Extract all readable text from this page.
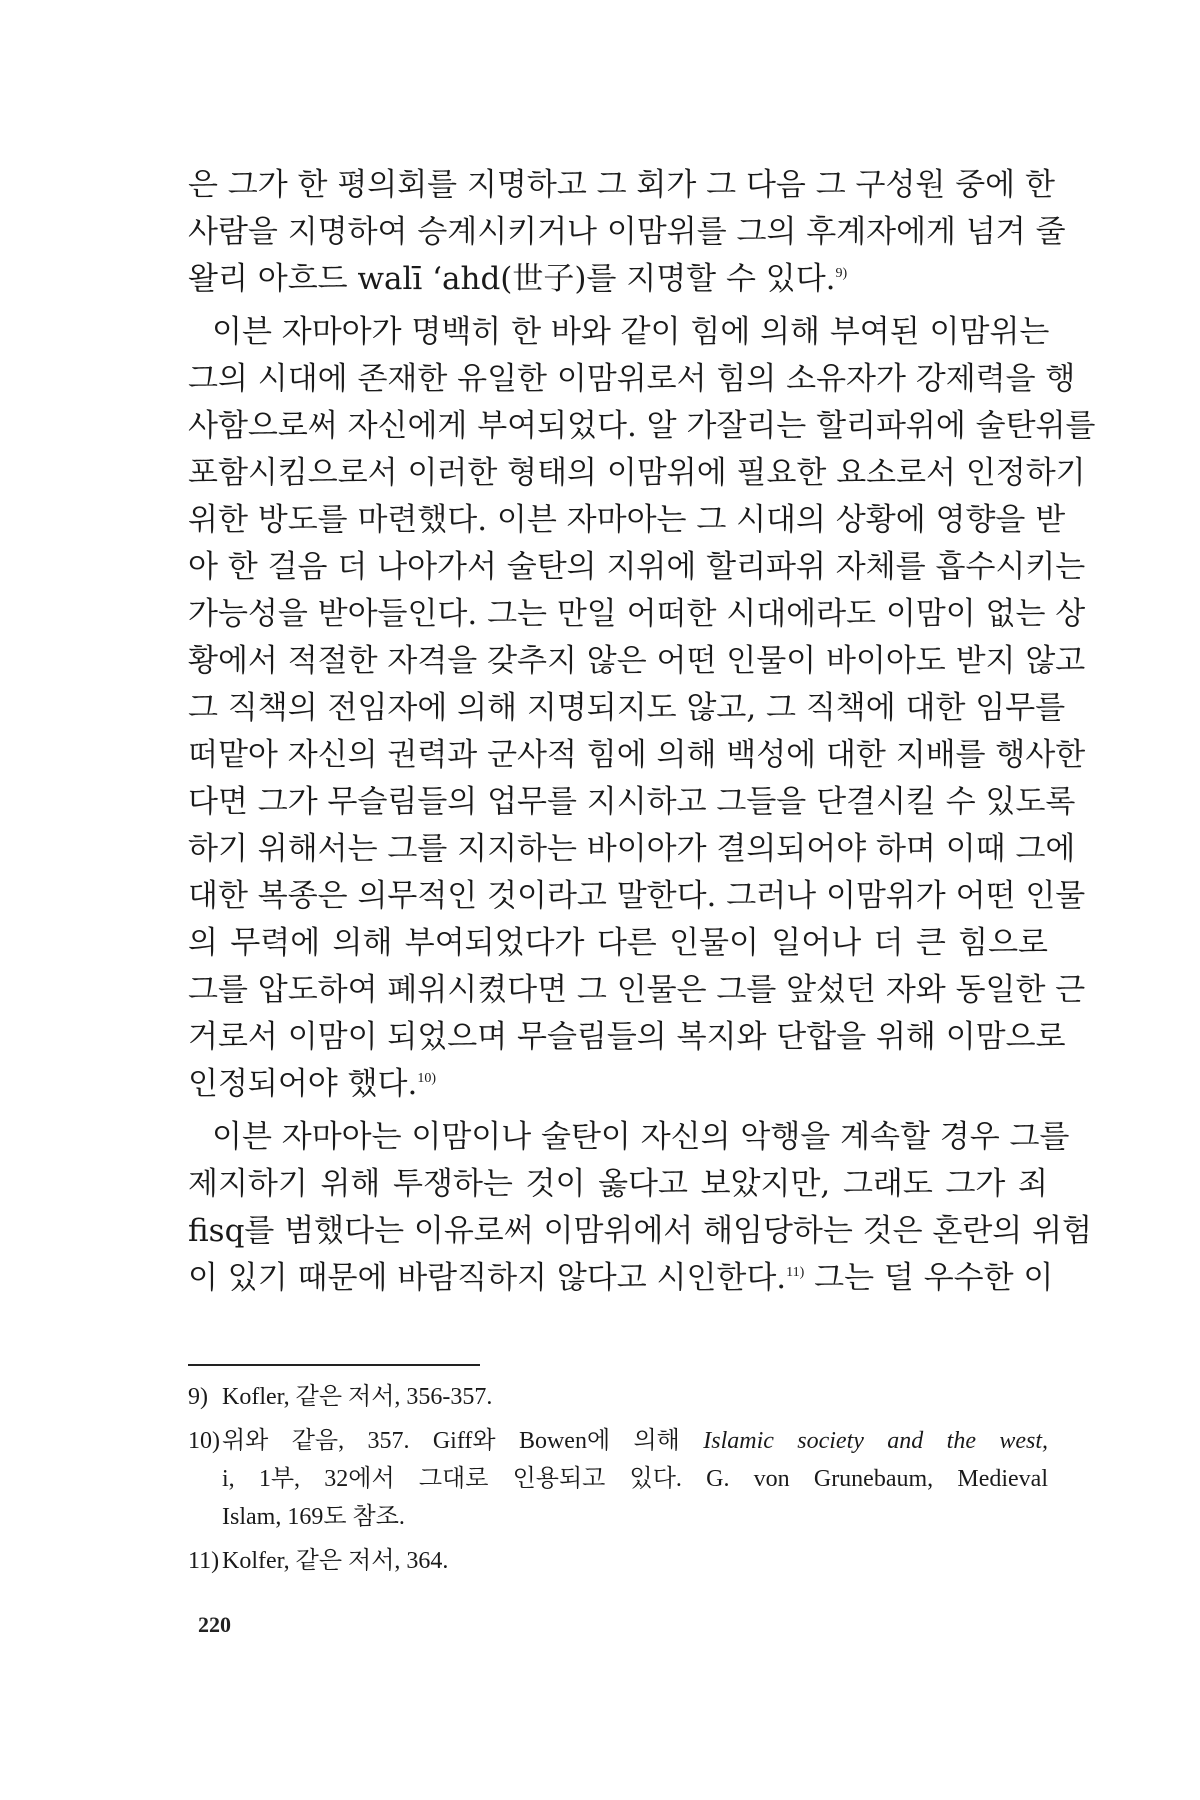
은 그가 한 평의회를 지명하고 그 회가 그 다음 그 구성원 중에 한
사람을 지명하여 승계시키거나 이맘위를 그의 후계자에게 넘겨 줄
왈리 아흐드 walī ‘ahd(世子)를 지명할 수 있다.$^{9)}$
이븐 자마아가 명백히 한 바와 같이 힘에 의해 부여된 이맘위는
그의 시대에 존재한 유일한 이맘위로서 힘의 소유자가 강제력을 행
사함으로써 자신에게 부여되었다. 알 가잘리는 할리파위에 술탄위를
포함시킴으로서 이러한 형태의 이맘위에 필요한 요소로서 인정하기
위한 방도를 마련했다. 이븐 자마아는 그 시대의 상황에 영향을 받
아 한 걸음 더 나아가서 술탄의 지위에 할리파위 자체를 흡수시키는
가능성을 받아들인다. 그는 만일 어떠한 시대에라도 이맘이 없는 상
황에서 적절한 자격을 갖추지 않은 어떤 인물이 바이아도 받지 않고
그 직책의 전임자에 의해 지명되지도 않고, 그 직책에 대한 임무를
떠맡아 자신의 권력과 군사적 힘에 의해 백성에 대한 지배를 행사한
다면 그가 무슬림들의 업무를 지시하고 그들을 단결시킬 수 있도록
하기 위해서는 그를 지지하는 바이아가 결의되어야 하며 이때 그에
대한 복종은 의무적인 것이라고 말한다. 그러나 이맘위가 어떤 인물
의 무력에 의해 부여되었다가 다른 인물이 일어나 더 큰 힘으로
그를 압도하여 폐위시켰다면 그 인물은 그를 앞섰던 자와 동일한 근
거로서 이맘이 되었으며 무슬림들의 복지와 단합을 위해 이맘으로
인정되어야 했다.$^{10)}$
이븐 자마아는 이맘이나 술탄이 자신의 악행을 계속할 경우 그를
제지하기 위해 투쟁하는 것이 옳다고 보았지만, 그래도 그가 죄
fisq를 범했다는 이유로써 이맘위에서 해임당하는 것은 혼란의 위험
이 있기 때문에 바람직하지 않다고 시인한다.$^{11)}$ 그는 덜 우수한 이
9) Kofler, 같은 저서, 356-357.
10)위와 같음, 357. Giff와 Bowen에 의해 Islamic society and the west,
i, 1부, 32에서 그대로 인용되고 있다. G. von Grunebaum, Medieval
Islam, 169도 참조.
11) Kolfer, 같은 저서, 364.
220
